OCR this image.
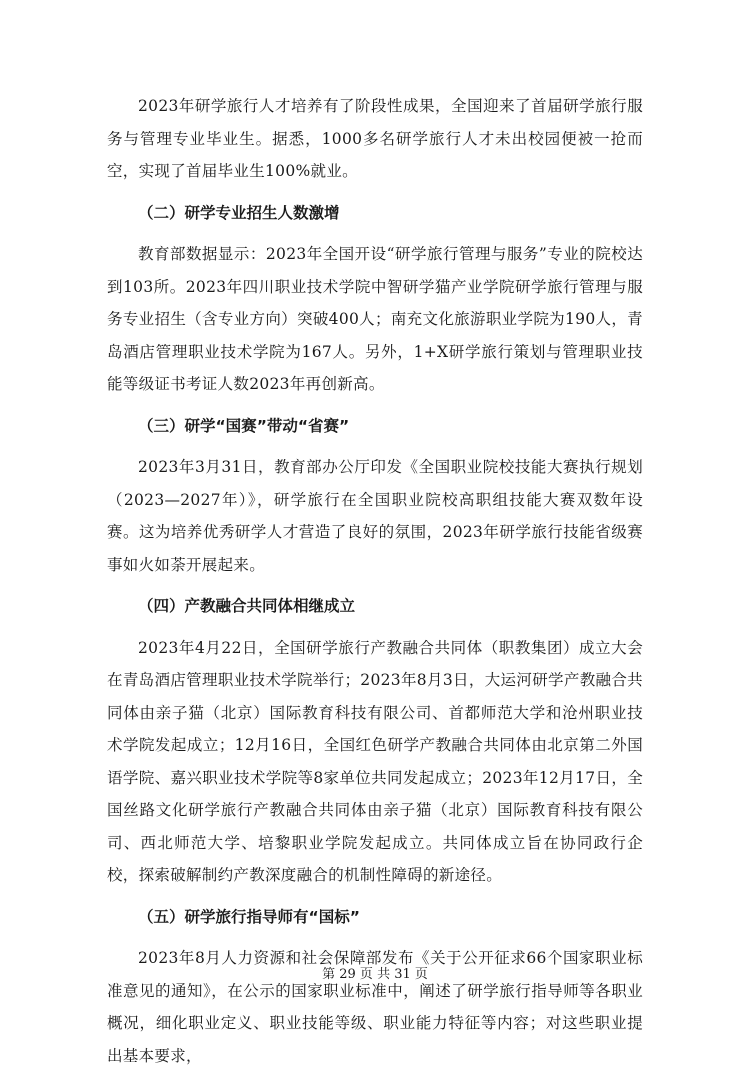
2023年研学旅行人才培养有了阶段性成果，全国迎来了首届研学旅行服务与管理专业毕业生。据悉，1000多名研学旅行人才未出校园便被一抢而空，实现了首届毕业生100%就业。

（二）研学专业招生人数激增

教育部数据显示：2023年全国开设“研学旅行管理与服务”专业的院校达到103所。2023年四川职业技术学院中智研学猫产业学院研学旅行管理与服务专业招生（含专业方向）突破400人；南充文化旅游职业学院为190人，青岛酒店管理职业技术学院为167人。另外，1+X研学旅行策划与管理职业技能等级证书考证人数2023年再创新高。

（三）研学“国赛”带动“省赛”

2023年3月31日，教育部办公厅印发《全国职业院校技能大赛执行规划（2023—2027年）》，研学旅行在全国职业院校高职组技能大赛双数年设赛。这为培养优秀研学人才营造了良好的氛围，2023年研学旅行技能省级赛事如火如荼开展起来。

（四）产教融合共同体相继成立

2023年4月22日，全国研学旅行产教融合共同体（职教集团）成立大会在青岛酒店管理职业技术学院举行；2023年8月3日，大运河研学产教融合共同体由亲子猫（北京）国际教育科技有限公司、首都师范大学和沧州职业技术学院发起成立；12月16日，全国红色研学产教融合共同体由北京第二外国语学院、嘉兴职业技术学院等8家单位共同发起成立；2023年12月17日，全国丝路文化研学旅行产教融合共同体由亲子猫（北京）国际教育科技有限公司、西北师范大学、培黎职业学院发起成立。共同体成立旨在协同政行企校，探索破解制约产教深度融合的机制性障碍的新途径。

（五）研学旅行指导师有“国标”

2023年8月人力资源和社会保障部发布《关于公开征求66个国家职业标准意见的通知》，在公示的国家职业标准中，阐述了研学旅行指导师等各职业概况，细化职业定义、职业技能等级、职业能力特征等内容；对这些职业提出基本要求，

第 29 页 共 31 页
